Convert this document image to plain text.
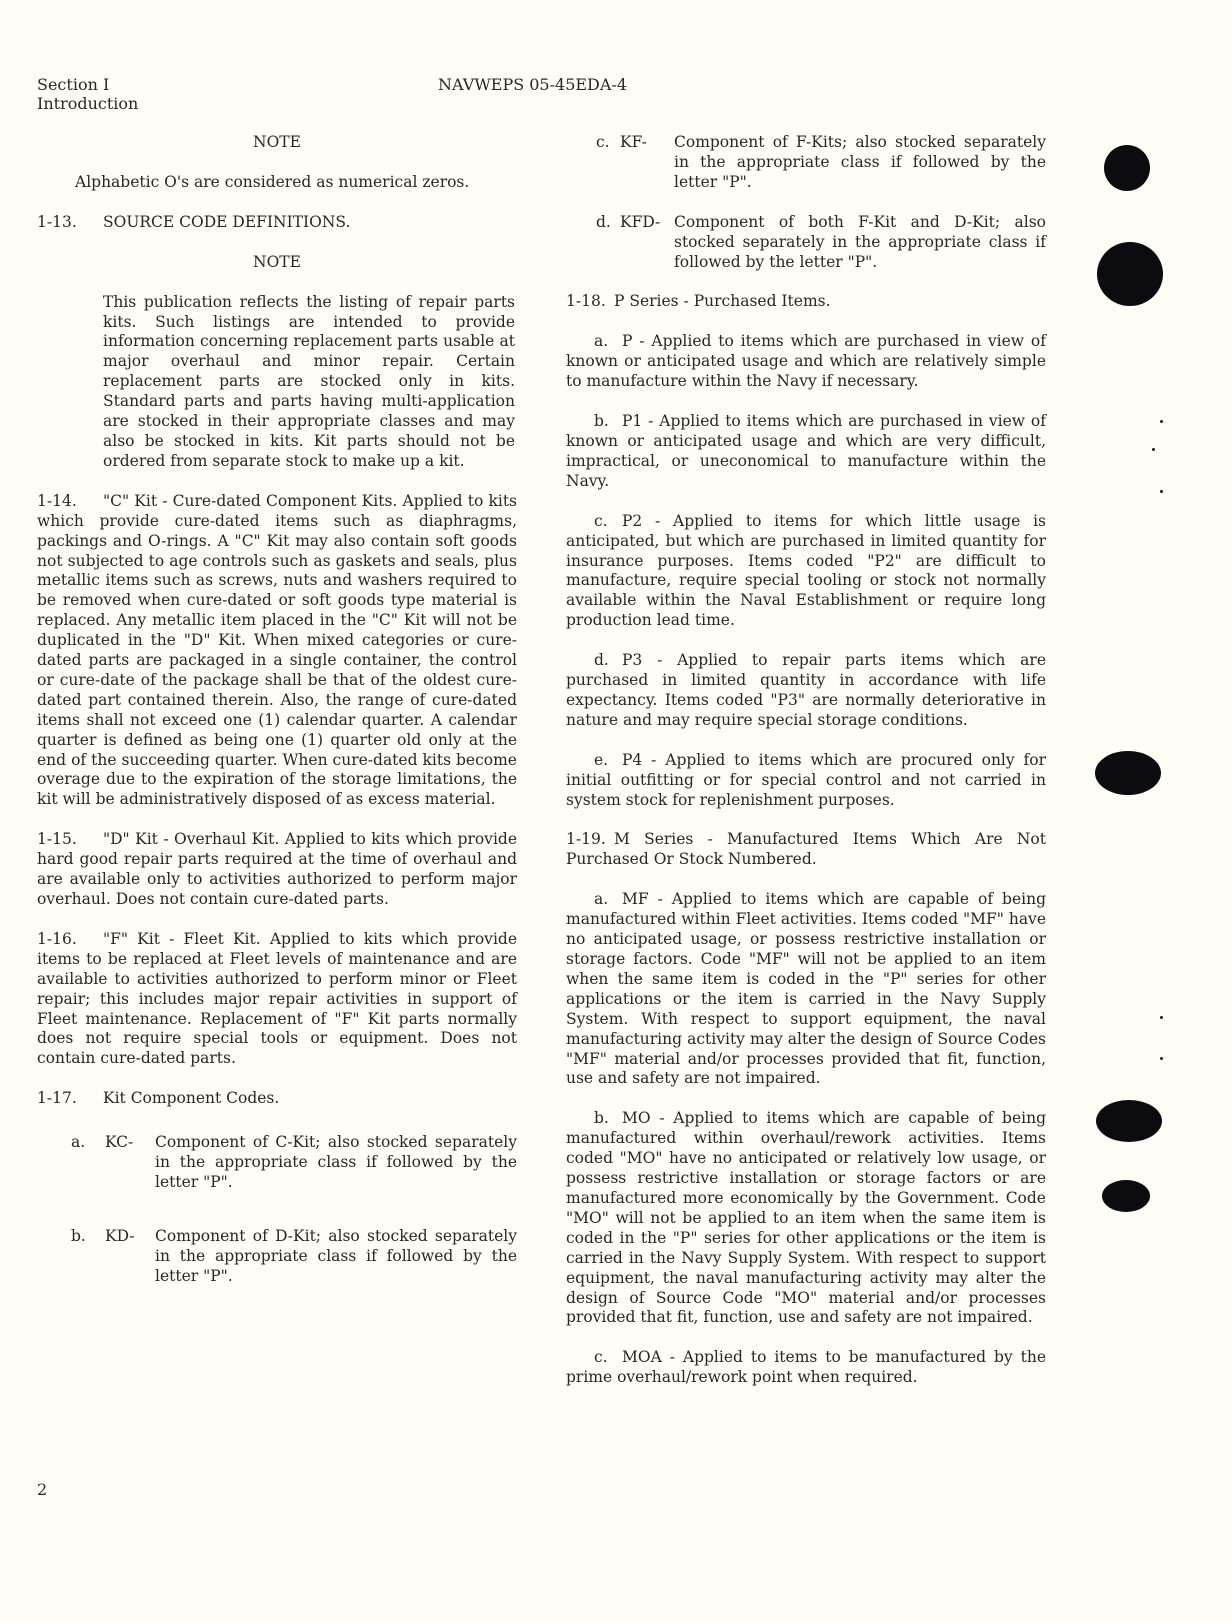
Section I
Introduction
NAVWEPS 05-45EDA-4
NOTE
Alphabetic O's are considered as numerical zeros.
1-13. SOURCE CODE DEFINITIONS.
NOTE
This publication reflects the listing of repair parts kits. Such listings are intended to provide information concerning replacement parts usable at major overhaul and minor repair. Certain replacement parts are stocked only in kits. Standard parts and parts having multi-application are stocked in their appropriate classes and may also be stocked in kits. Kit parts should not be ordered from separate stock to make up a kit.
1-14. "C" Kit - Cure-dated Component Kits. Applied to kits which provide cure-dated items such as diaphragms, packings and O-rings. A "C" Kit may also contain soft goods not subjected to age controls such as gaskets and seals, plus metallic items such as screws, nuts and washers required to be removed when cure-dated or soft goods type material is replaced. Any metallic item placed in the "C" Kit will not be duplicated in the "D" Kit. When mixed categories or cure-dated parts are packaged in a single container, the control or cure-date of the package shall be that of the oldest cure-dated part contained therein. Also, the range of cure-dated items shall not exceed one (1) calendar quarter. A calendar quarter is defined as being one (1) quarter old only at the end of the succeeding quarter. When cure-dated kits become overage due to the expiration of the storage limitations, the kit will be administratively disposed of as excess material.
1-15. "D" Kit - Overhaul Kit. Applied to kits which provide hard good repair parts required at the time of overhaul and are available only to activities authorized to perform major overhaul. Does not contain cure-dated parts.
1-16. "F" Kit - Fleet Kit. Applied to kits which provide items to be replaced at Fleet levels of maintenance and are available to activities authorized to perform minor or Fleet repair; this includes major repair activities in support of Fleet maintenance. Replacement of "F" Kit parts normally does not require special tools or equipment. Does not contain cure-dated parts.
1-17. Kit Component Codes.
a.	KC-	Component of C-Kit; also stocked separately in the appropriate class if followed by the letter "P".
b.	KD-	Component of D-Kit; also stocked separately in the appropriate class if followed by the letter "P".
c. KF-	Component of F-Kits; also stocked separately in the appropriate class if followed by the letter "P".
d. KFD- Component of both F-Kit and D-Kit; also stocked separately in the appropriate class if followed by the letter "P".
1-18. P Series - Purchased Items.
a. P - Applied to items which are purchased in view of known or anticipated usage and which are relatively simple to manufacture within the Navy if necessary.
b. P1 - Applied to items which are purchased in view of known or anticipated usage and which are very difficult, impractical, or uneconomical to manufacture within the Navy.
c. P2 - Applied to items for which little usage is anticipated, but which are purchased in limited quantity for insurance purposes. Items coded "P2" are difficult to manufacture, require special tooling or stock not normally available within the Naval Establishment or require long production lead time.
d. P3 - Applied to repair parts items which are purchased in limited quantity in accordance with life expectancy. Items coded "P3" are normally deteriorative in nature and may require special storage conditions.
e. P4 - Applied to items which are procured only for initial outfitting or for special control and not carried in system stock for replenishment purposes.
1-19. M Series - Manufactured Items Which Are Not Purchased Or Stock Numbered.
a. MF - Applied to items which are capable of being manufactured within Fleet activities. Items coded "MF" have no anticipated usage, or possess restrictive installation or storage factors. Code "MF" will not be applied to an item when the same item is coded in the "P" series for other applications or the item is carried in the Navy Supply System. With respect to support equipment, the naval manufacturing activity may alter the design of Source Codes "MF" material and/or processes provided that fit, function, use and safety are not impaired.
b. MO - Applied to items which are capable of being manufactured within overhaul/rework activities. Items coded "MO" have no anticipated or relatively low usage, or possess restrictive installation or storage factors or are manufactured more economically by the Government. Code "MO" will not be applied to an item when the same item is coded in the "P" series for other applications or the item is carried in the Navy Supply System. With respect to support equipment, the naval manufacturing activity may alter the design of Source Code "MO" material and/or processes provided that fit, function, use and safety are not impaired.
c. MOA - Applied to items to be manufactured by the prime overhaul/rework point when required.
2
